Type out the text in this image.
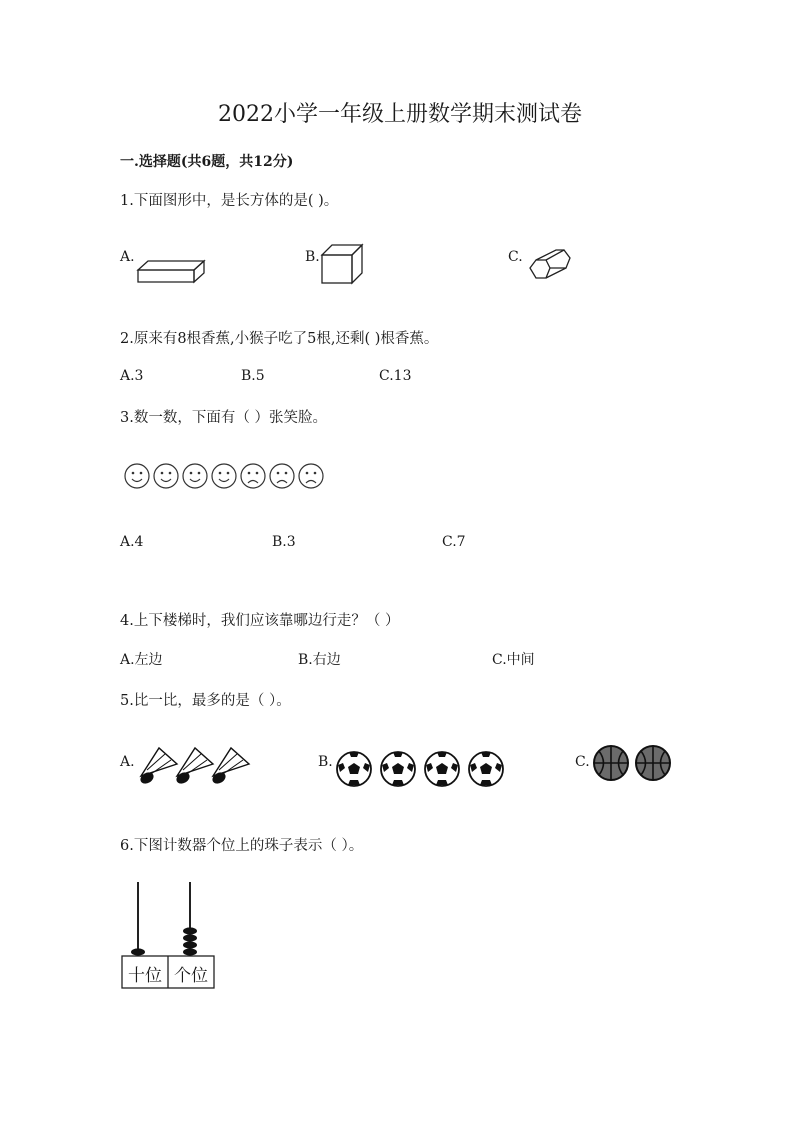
2022小学一年级上册数学期末测试卷
一.选择题(共6题，共12分)
1.下面图形中，是长方体的是( )。
A.	B.	C.
2.原来有8根香蕉,小猴子吃了5根,还剩( )根香蕉。
A.3	B.5	C.13
3.数一数，下面有（ ）张笑脸。
A.4	B.3	C.7
4.上下楼梯时，我们应该靠哪边行走？（ ）
A.左边	B.右边	C.中间
5.比一比，最多的是（ ）。
A.	B.	C.
6.下图计数器个位上的珠子表示（ ）。
十位 个位
